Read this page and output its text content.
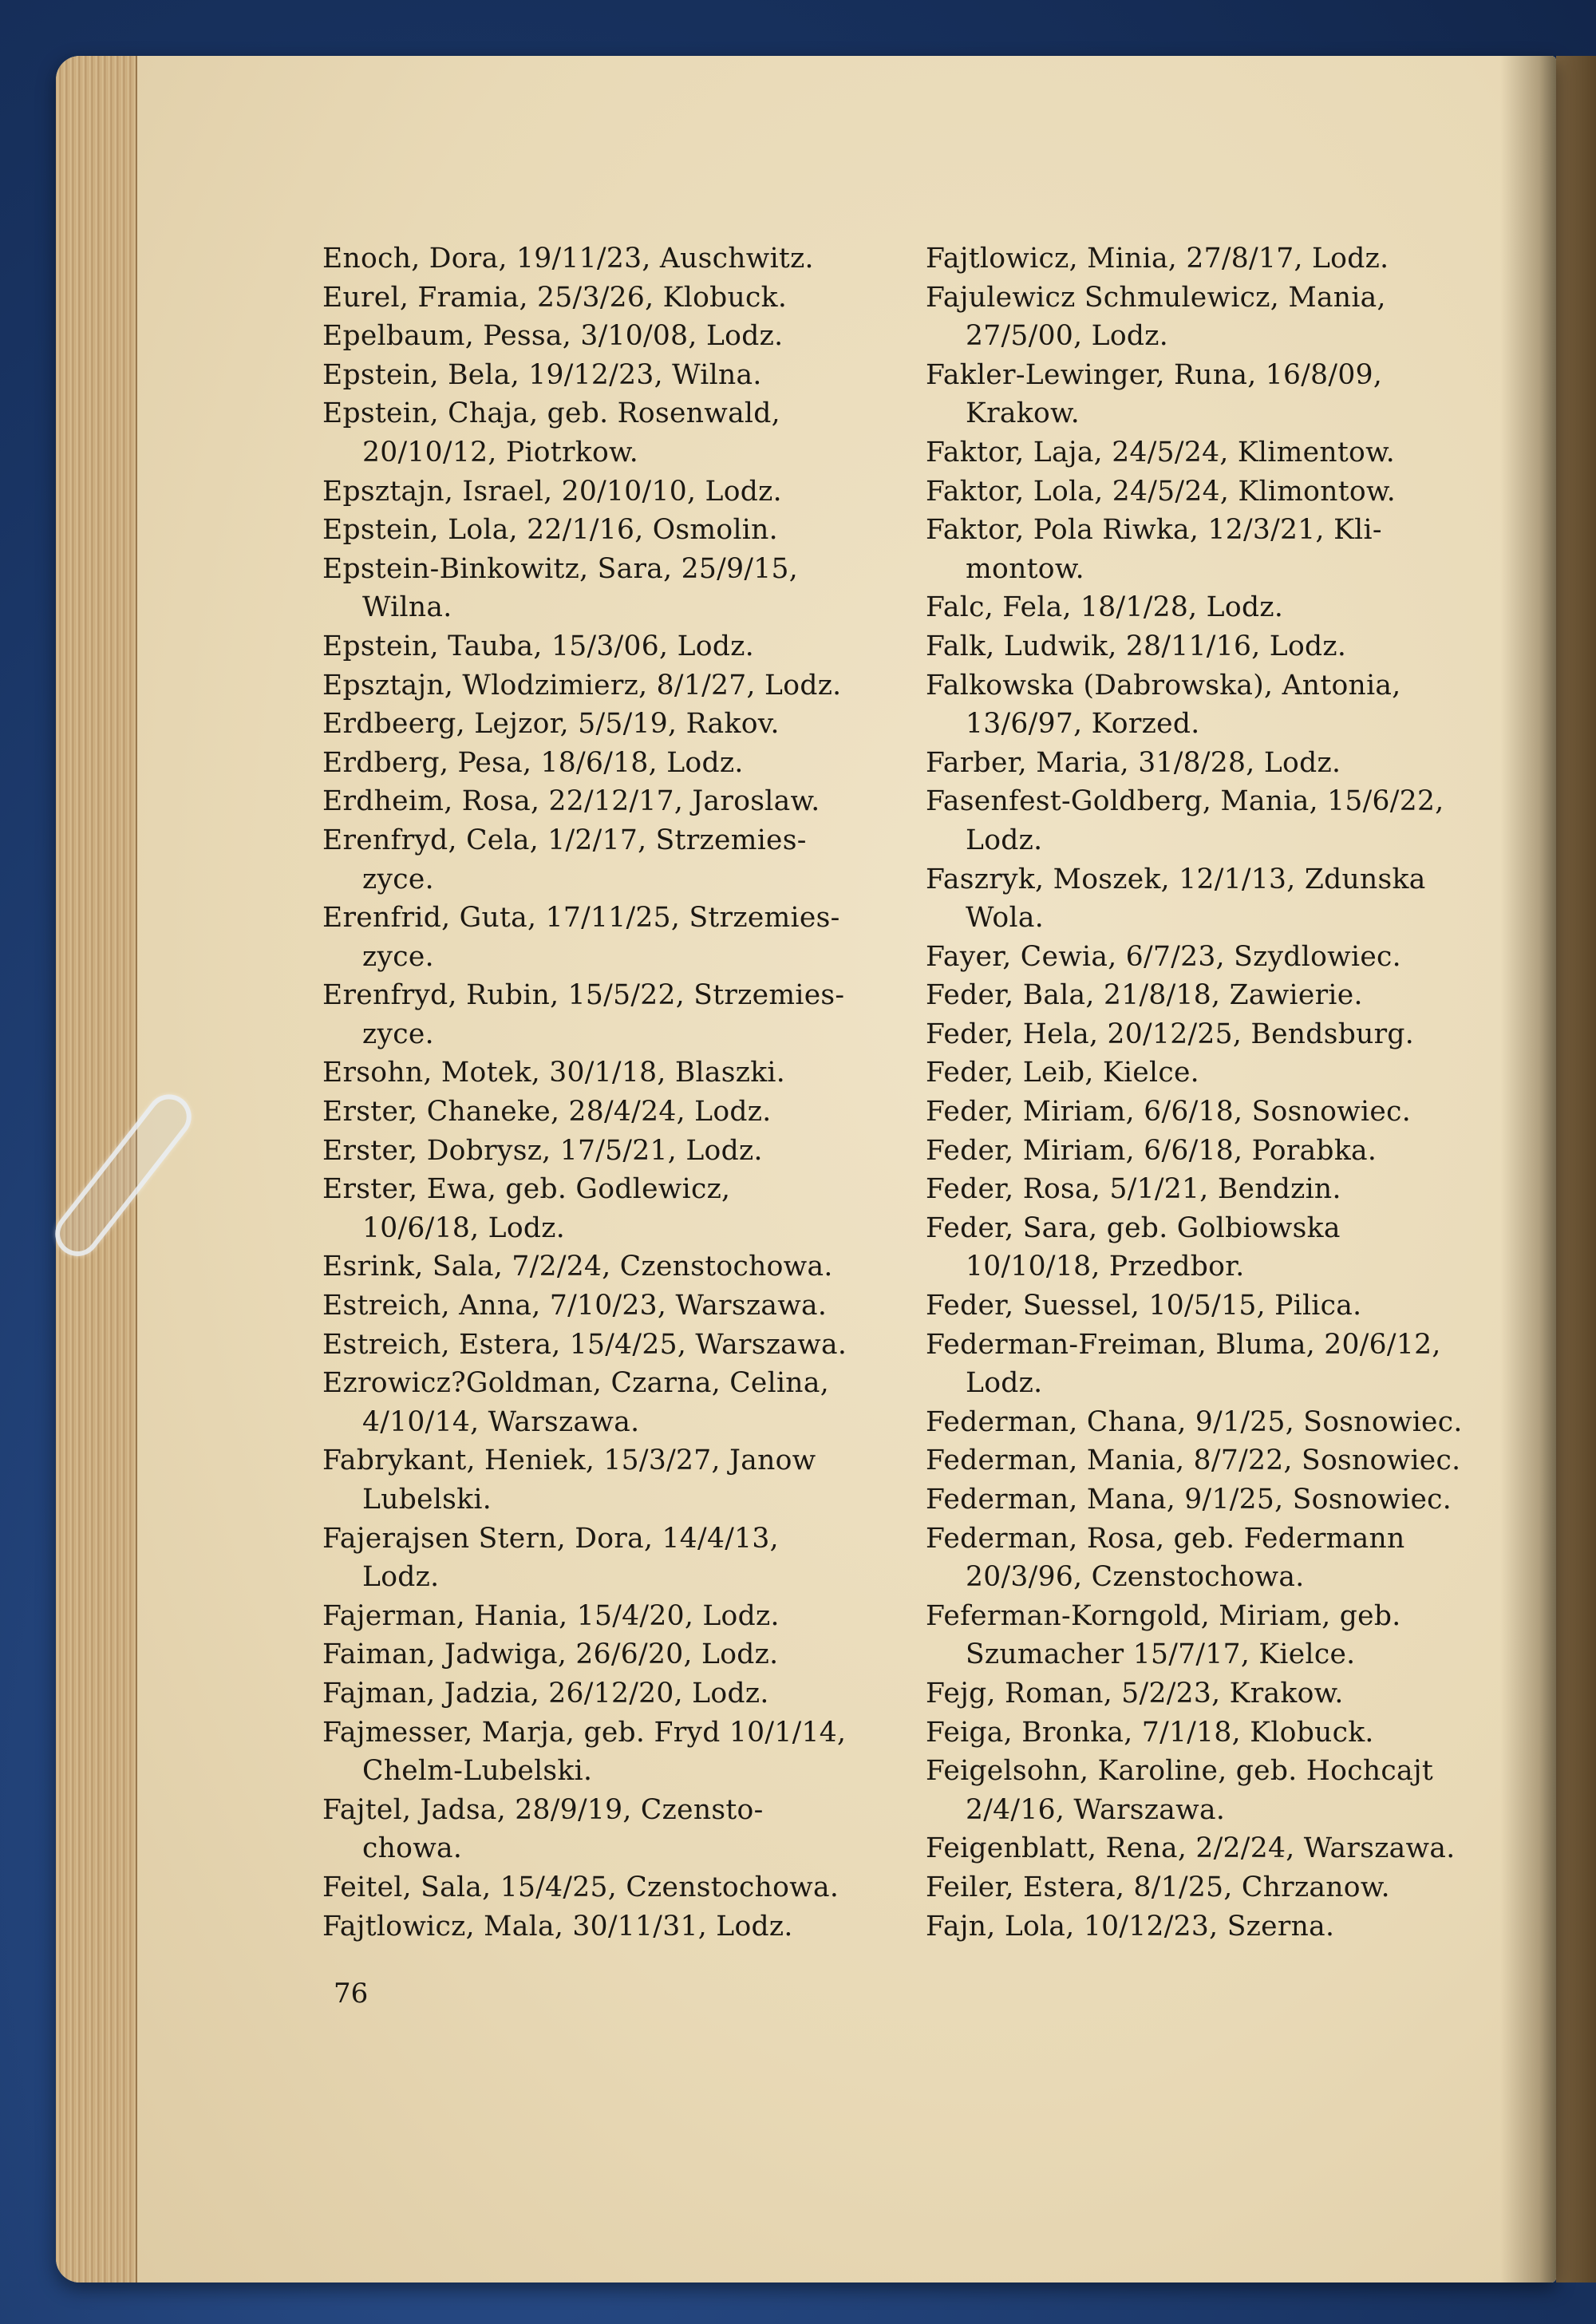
Enoch, Dora, 19/11/23, Auschwitz.
Eurel, Framia, 25/3/26, Klobuck.
Epelbaum, Pessa, 3/10/08, Lodz.
Epstein, Bela, 19/12/23, Wilna.
Epstein, Chaja, geb. Rosenwald,
20/10/12, Piotrkow.
Epsztajn, Israel, 20/10/10, Lodz.
Epstein, Lola, 22/1/16, Osmolin.
Epstein-Binkowitz, Sara, 25/9/15,
Wilna.
Epstein, Tauba, 15/3/06, Lodz.
Epsztajn, Wlodzimierz, 8/1/27, Lodz.
Erdbeerg, Lejzor, 5/5/19, Rakov.
Erdberg, Pesa, 18/6/18, Lodz.
Erdheim, Rosa, 22/12/17, Jaroslaw.
Erenfryd, Cela, 1/2/17, Strzemies-
zyce.
Erenfrid, Guta, 17/11/25, Strzemies-
zyce.
Erenfryd, Rubin, 15/5/22, Strzemies-
zyce.
Ersohn, Motek, 30/1/18, Blaszki.
Erster, Chaneke, 28/4/24, Lodz.
Erster, Dobrysz, 17/5/21, Lodz.
Erster, Ewa, geb. Godlewicz,
10/6/18, Lodz.
Esrink, Sala, 7/2/24, Czenstochowa.
Estreich, Anna, 7/10/23, Warszawa.
Estreich, Estera, 15/4/25, Warszawa.
Ezrowicz?Goldman, Czarna, Celina,
4/10/14, Warszawa.
Fabrykant, Heniek, 15/3/27, Janow
Lubelski.
Fajerajsen Stern, Dora, 14/4/13,
Lodz.
Fajerman, Hania, 15/4/20, Lodz.
Faiman, Jadwiga, 26/6/20, Lodz.
Fajman, Jadzia, 26/12/20, Lodz.
Fajmesser, Marja, geb. Fryd 10/1/14,
Chelm-Lubelski.
Fajtel, Jadsa, 28/9/19, Czensto-
chowa.
Feitel, Sala, 15/4/25, Czenstochowa.
Fajtlowicz, Mala, 30/11/31, Lodz.
Fajtlowicz, Minia, 27/8/17, Lodz.
Fajulewicz Schmulewicz, Mania,
27/5/00, Lodz.
Fakler-Lewinger, Runa, 16/8/09,
Krakow.
Faktor, Laja, 24/5/24, Klimentow.
Faktor, Lola, 24/5/24, Klimontow.
Faktor, Pola Riwka, 12/3/21, Kli-
montow.
Falc, Fela, 18/1/28, Lodz.
Falk, Ludwik, 28/11/16, Lodz.
Falkowska (Dabrowska), Antonia,
13/6/97, Korzed.
Farber, Maria, 31/8/28, Lodz.
Fasenfest-Goldberg, Mania, 15/6/22,
Lodz.
Faszryk, Moszek, 12/1/13, Zdunska
Wola.
Fayer, Cewia, 6/7/23, Szydlowiec.
Feder, Bala, 21/8/18, Zawierie.
Feder, Hela, 20/12/25, Bendsburg.
Feder, Leib, Kielce.
Feder, Miriam, 6/6/18, Sosnowiec.
Feder, Miriam, 6/6/18, Porabka.
Feder, Rosa, 5/1/21, Bendzin.
Feder, Sara, geb. Golbiowska
10/10/18, Przedbor.
Feder, Suessel, 10/5/15, Pilica.
Federman-Freiman, Bluma, 20/6/12,
Lodz.
Federman, Chana, 9/1/25, Sosnowiec.
Federman, Mania, 8/7/22, Sosnowiec.
Federman, Mana, 9/1/25, Sosnowiec.
Federman, Rosa, geb. Federmann
20/3/96, Czenstochowa.
Feferman-Korngold, Miriam, geb.
Szumacher 15/7/17, Kielce.
Fejg, Roman, 5/2/23, Krakow.
Feiga, Bronka, 7/1/18, Klobuck.
Feigelsohn, Karoline, geb. Hochcajt
2/4/16, Warszawa.
Feigenblatt, Rena, 2/2/24, Warszawa.
Feiler, Estera, 8/1/25, Chrzanow.
Fajn, Lola, 10/12/23, Szerna.
76
